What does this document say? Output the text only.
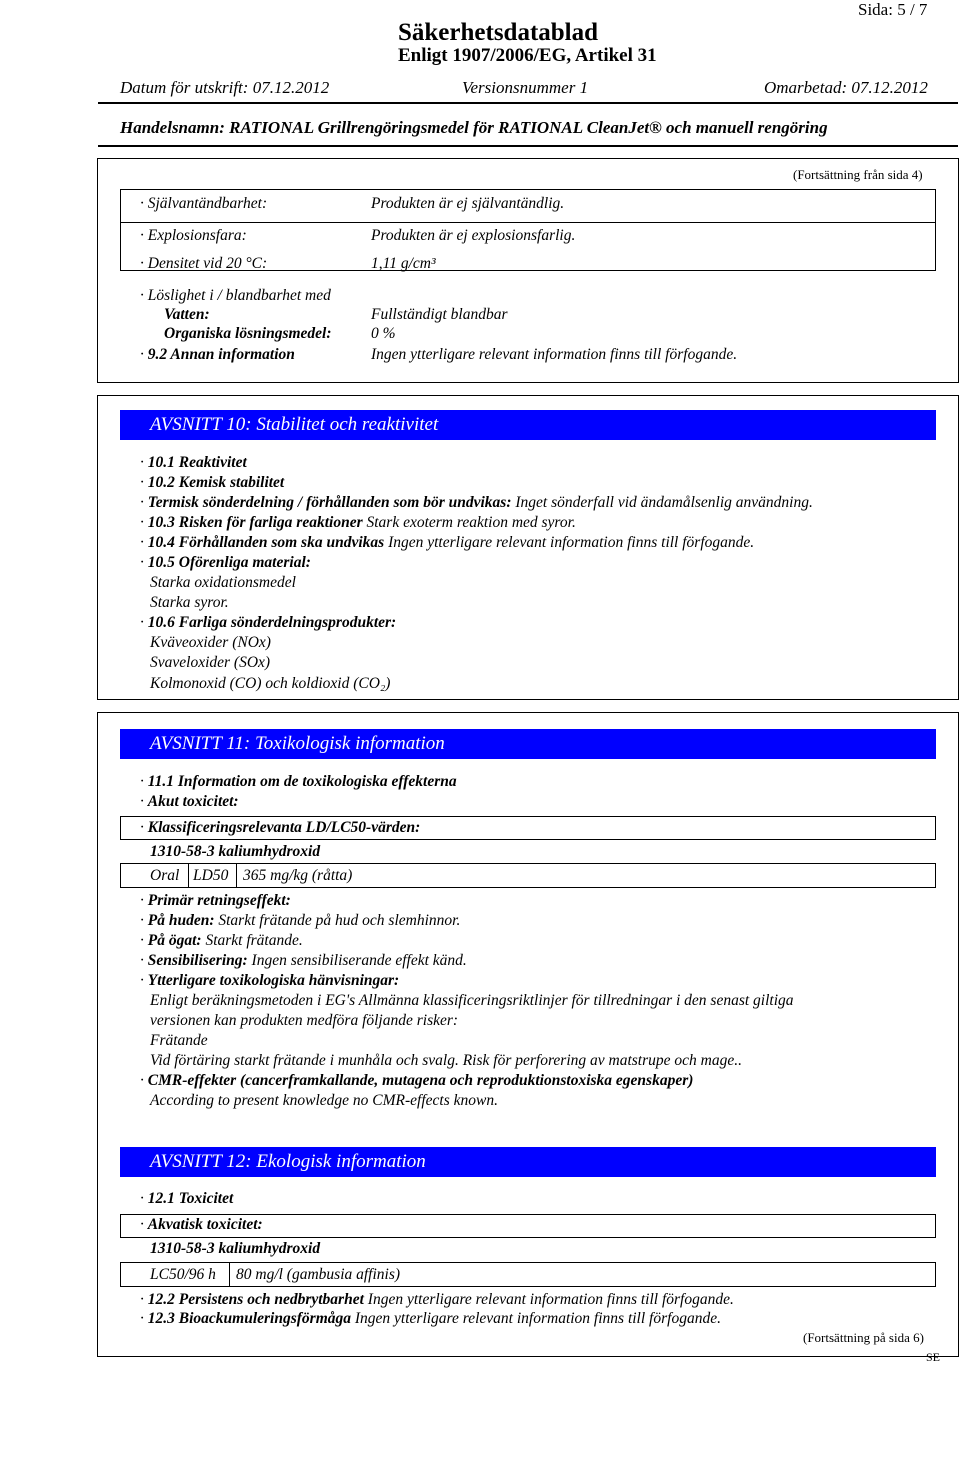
Sida: 5 / 7
Säkerhetsdatablad
Enligt 1907/2006/EG, Artikel 31
Datum för utskrift: 07.12.2012	Versionsnummer 1	Omarbetad: 07.12.2012
Handelsnamn: RATIONAL Grillrengöringsmedel för RATIONAL CleanJet® och manuell rengöring
(Fortsättning från sida 4)
· Självantändbarhet:	Produkten är ej självantändlig.
· Explosionsfara:	Produkten är ej explosionsfarlig.
· Densitet vid 20 °C:	1,11 g/cm³
· Löslighet i / blandbarhet med
Vatten:	Fullständigt blandbar
Organiska lösningsmedel:	0 %
· 9.2 Annan information	Ingen ytterligare relevant information finns till förfogande.
AVSNITT 10: Stabilitet och reaktivitet
· 10.1 Reaktivitet
· 10.2 Kemisk stabilitet
· Termisk sönderdelning / förhållanden som bör undvikas: Inget sönderfall vid ändamålsenlig användning.
· 10.3 Risken för farliga reaktioner Stark exoterm reaktion med syror.
· 10.4 Förhållanden som ska undvikas Ingen ytterligare relevant information finns till förfogande.
· 10.5 Oförenliga material:
Starka oxidationsmedel
Starka syror.
· 10.6 Farliga sönderdelningsprodukter:
Kväveoxider (NOx)
Svaveloxider (SOx)
Kolmonoxid (CO) och koldioxid (CO₂)
AVSNITT 11: Toxikologisk information
· 11.1 Information om de toxikologiska effekterna
· Akut toxicitet:
· Klassificeringsrelevanta LD/LC50-värden:
1310-58-3 kaliumhydroxid
Oral LD50 365 mg/kg (råtta)
· Primär retningseffekt:
· På huden: Starkt frätande på hud och slemhinnor.
· På ögat: Starkt frätande.
· Sensibilisering: Ingen sensibiliserande effekt känd.
· Ytterligare toxikologiska hänvisningar:
Enligt beräkningsmetoden i EG's Allmänna klassificeringsriktlinjer för tillredningar i den senast giltiga
versionen kan produkten medföra följande risker:
Frätande
Vid förtäring starkt frätande i munhåla och svalg. Risk för perforering av matstrupe och mage..
· CMR-effekter (cancerframkallande, mutagena och reproduktionstoxiska egenskaper)
According to present knowledge no CMR-effects known.
AVSNITT 12: Ekologisk information
· 12.1 Toxicitet
· Akvatisk toxicitet:
1310-58-3 kaliumhydroxid
LC50/96 h 80 mg/l (gambusia affinis)
· 12.2 Persistens och nedbrytbarhet Ingen ytterligare relevant information finns till förfogande.
· 12.3 Bioackumuleringsförmåga Ingen ytterligare relevant information finns till förfogande.
(Fortsättning på sida 6)
SE
